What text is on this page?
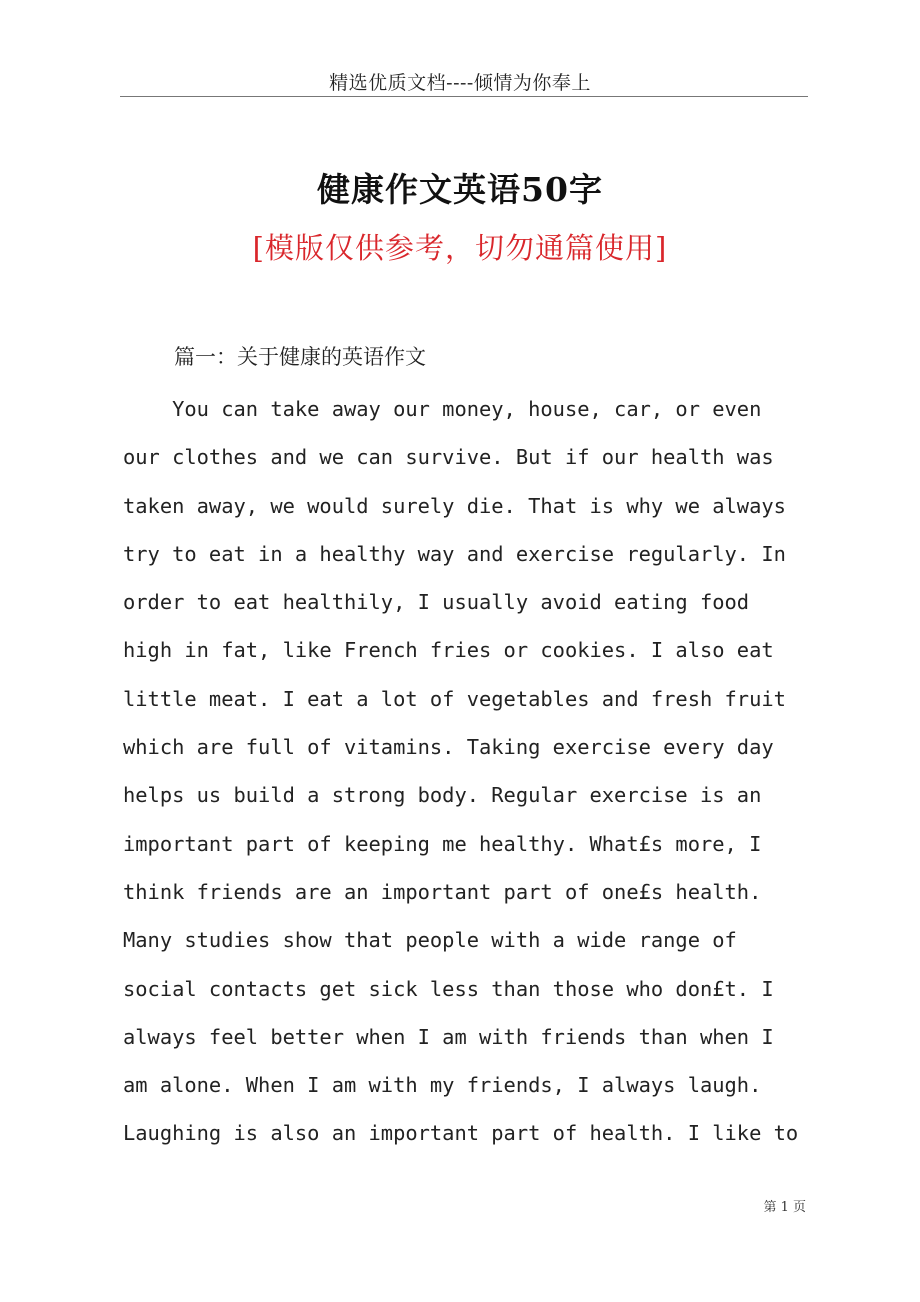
精选优质文档----倾情为你奉上
健康作文英语50字
[模版仅供参考，切勿通篇使用]
篇一：关于健康的英语作文
You can take away our money, house, car, or even
our clothes and we can survive. But if our health was
taken away, we would surely die. That is why we always
try to eat in a healthy way and exercise regularly. In
order to eat healthily, I usually avoid eating food
high in fat, like French fries or cookies. I also eat
little meat. I eat a lot of vegetables and fresh fruit
which are full of vitamins. Taking exercise every day
helps us build a strong body. Regular exercise is an
important part of keeping me healthy. What£s more, I
think friends are an important part of one£s health.
Many studies show that people with a wide range of
social contacts get sick less than those who don£t. I
always feel better when I am with friends than when I
am alone. When I am with my friends, I always laugh.
Laughing is also an important part of health. I like to
第 1 页
